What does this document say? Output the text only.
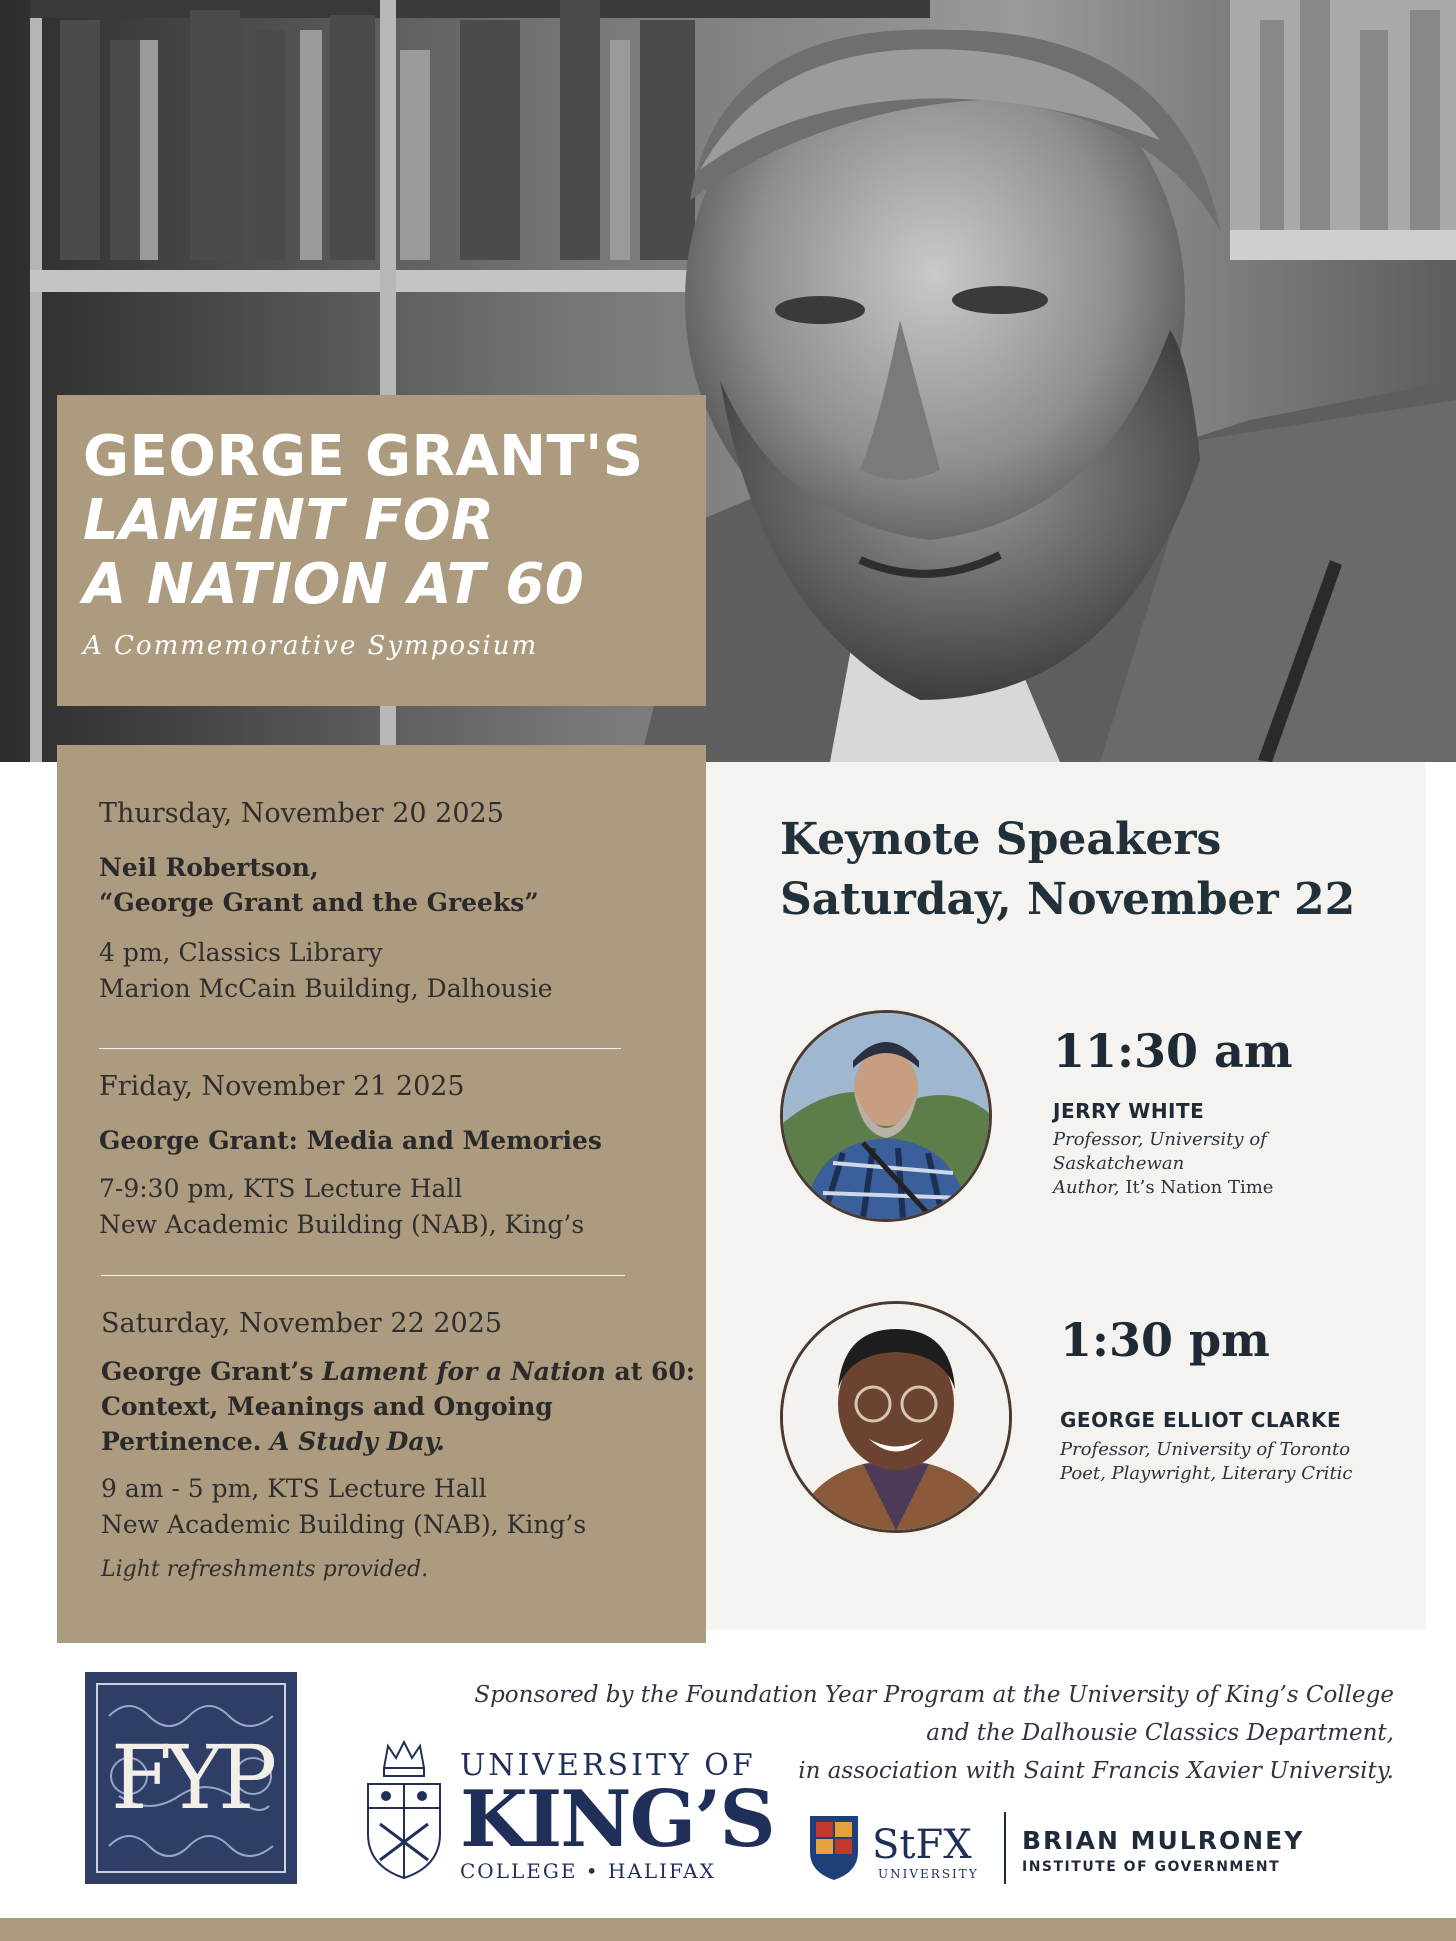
GEORGE GRANT'S
LAMENT FOR
A NATION AT 60
A Commemorative Symposium
Thursday, November 20 2025
Neil Robertson,
“George Grant and the Greeks”
4 pm, Classics Library
Marion McCain Building, Dalhousie
Friday, November 21 2025
George Grant: Media and Memories
7-9:30 pm, KTS Lecture Hall
New Academic Building (NAB), King’s
Saturday, November 22 2025
George Grant’s Lament for a Nation at 60:
Context, Meanings and Ongoing
Pertinence. A Study Day.
9 am - 5 pm, KTS Lecture Hall
New Academic Building (NAB), King’s
Light refreshments provided.
Keynote Speakers
Saturday, November 22
11:30 am
JERRY WHITE
Professor, University of
Saskatchewan
Author, It’s Nation Time
1:30 pm
GEORGE ELLIOT CLARKE
Professor, University of Toronto
Poet, Playwright, Literary Critic
FYP	UNIVERSITY OF
KING’S
COLLEGE • HALIFAX
Sponsored by the Foundation Year Program at the University of King’s College
and the Dalhousie Classics Department,
in association with Saint Francis Xavier University.
StFX
UNIVERSITY
BRIAN MULRONEY
INSTITUTE OF GOVERNMENT
